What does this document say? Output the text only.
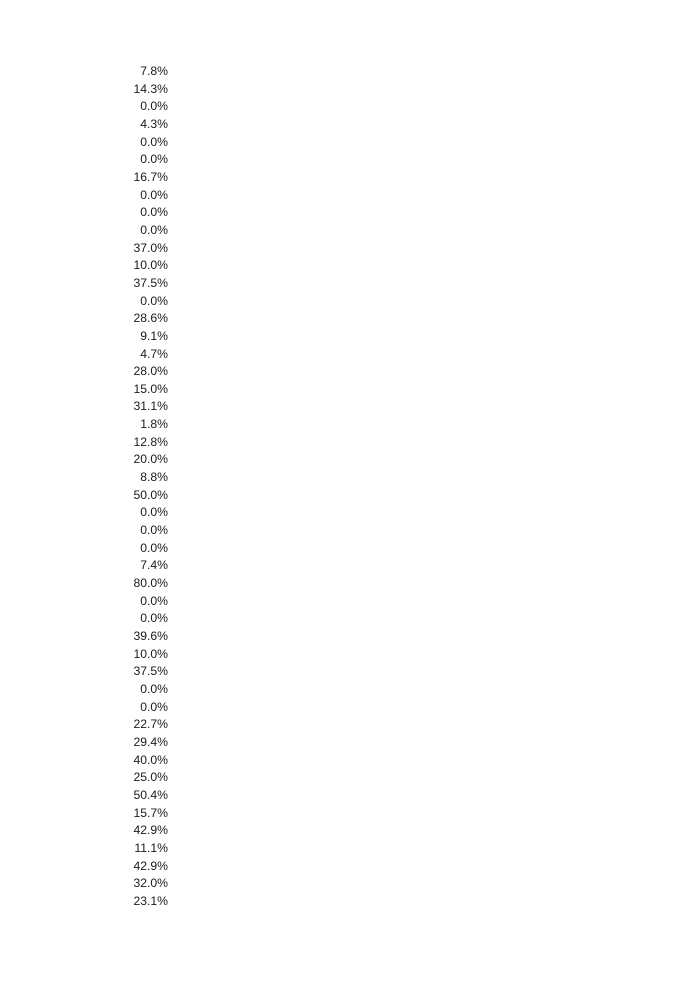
7.8%
14.3%
0.0%
4.3%
0.0%
0.0%
16.7%
0.0%
0.0%
0.0%
37.0%
10.0%
37.5%
0.0%
28.6%
9.1%
4.7%
28.0%
15.0%
31.1%
1.8%
12.8%
20.0%
8.8%
50.0%
0.0%
0.0%
0.0%
7.4%
80.0%
0.0%
0.0%
39.6%
10.0%
37.5%
0.0%
0.0%
22.7%
29.4%
40.0%
25.0%
50.4%
15.7%
42.9%
11.1%
42.9%
32.0%
23.1%
